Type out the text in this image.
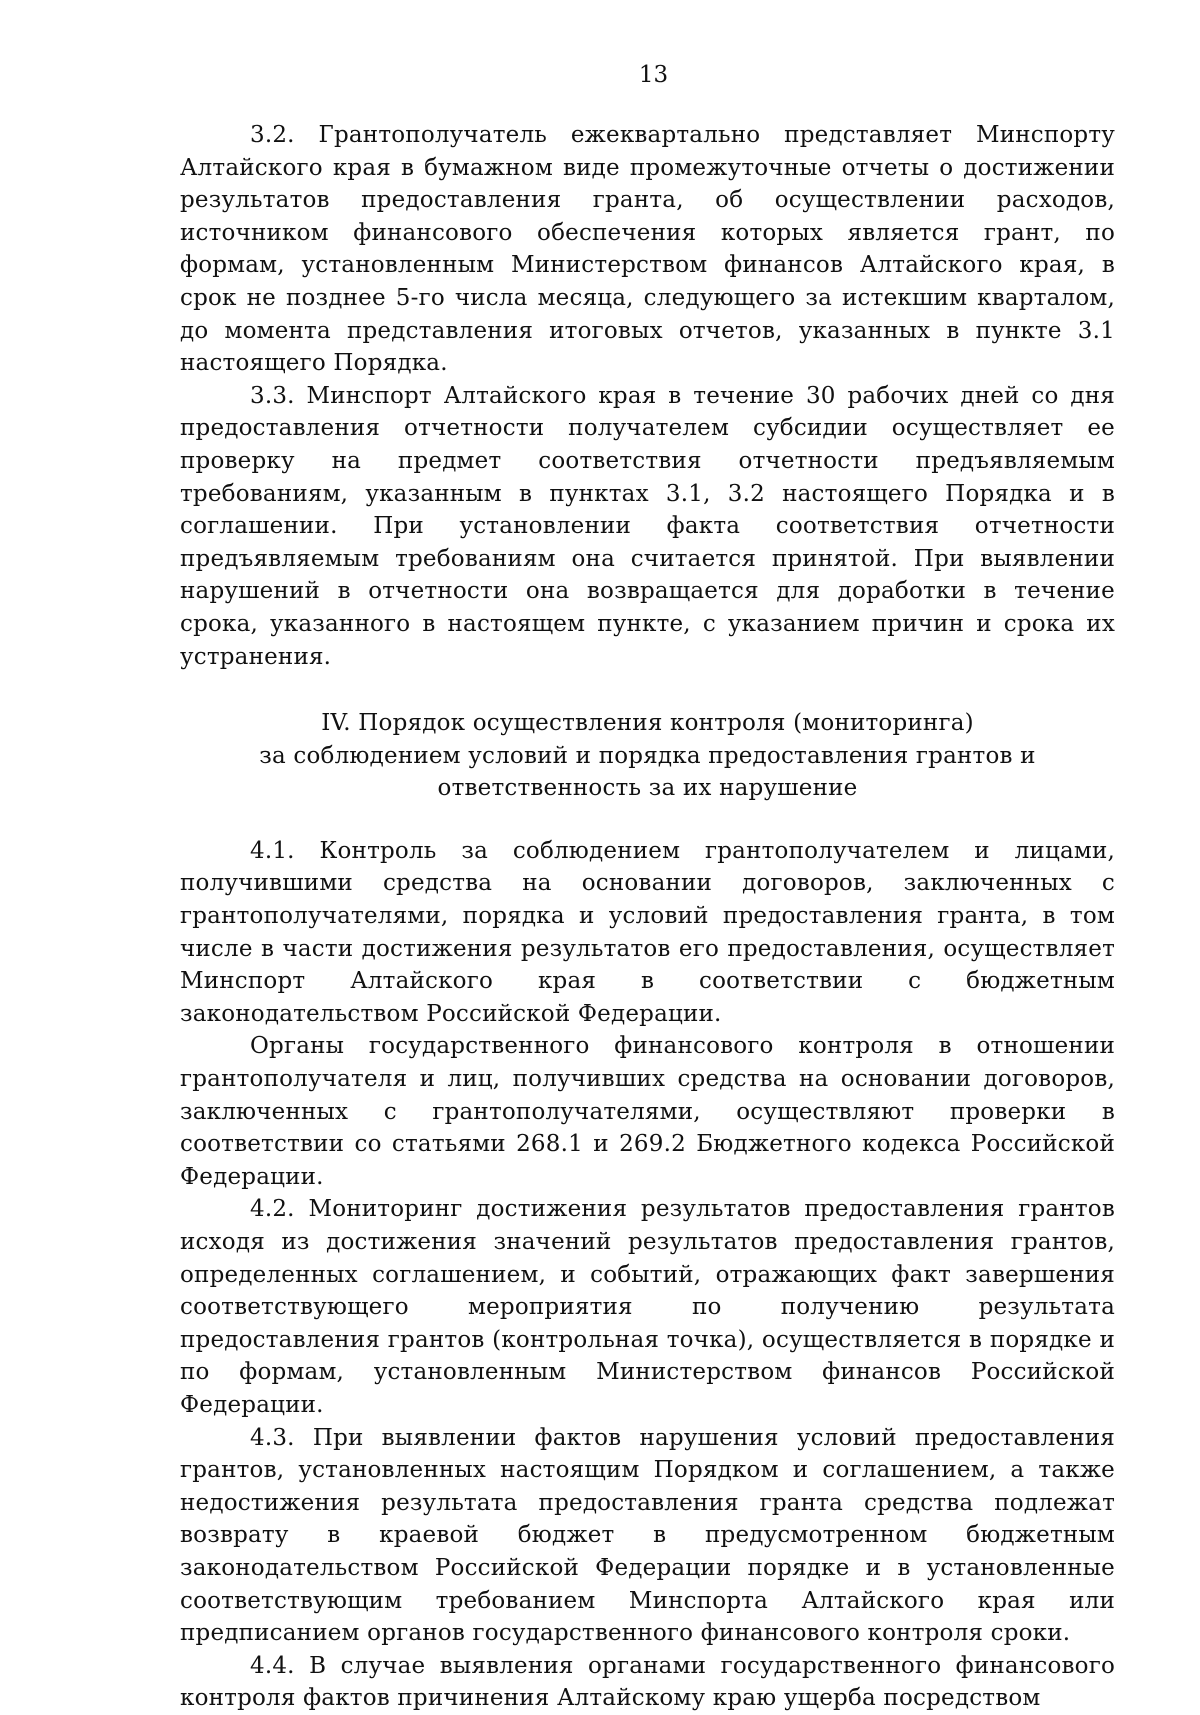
13

3.2. Грантополучатель ежеквартально представляет Минспорту Алтайского края в бумажном виде промежуточные отчеты о достижении результатов предоставления гранта, об осуществлении расходов, источником финансового обеспечения которых является грант, по формам, установленным Министерством финансов Алтайского края, в срок не позднее 5-го числа месяца, следующего за истекшим кварталом, до момента представления итоговых отчетов, указанных в пункте 3.1 настоящего Порядка.

3.3. Минспорт Алтайского края в течение 30 рабочих дней со дня предоставления отчетности получателем субсидии осуществляет ее проверку на предмет соответствия отчетности предъявляемым требованиям, указанным в пунктах 3.1, 3.2 настоящего Порядка и в соглашении. При установлении факта соответствия отчетности предъявляемым требованиям она считается принятой. При выявлении нарушений в отчетности она возвращается для доработки в течение срока, указанного в настоящем пункте, с указанием причин и срока их устранения.

IV. Порядок осуществления контроля (мониторинга)
за соблюдением условий и порядка предоставления грантов и
ответственность за их нарушение

4.1. Контроль за соблюдением грантополучателем и лицами, получившими средства на основании договоров, заключенных с грантополучателями, порядка и условий предоставления гранта, в том числе в части достижения результатов его предоставления, осуществляет Минспорт Алтайского края в соответствии с бюджетным законодательством Российской Федерации.

Органы государственного финансового контроля в отношении грантополучателя и лиц, получивших средства на основании договоров, заключенных с грантополучателями, осуществляют проверки в соответствии со статьями 268.1 и 269.2 Бюджетного кодекса Российской Федерации.

4.2. Мониторинг достижения результатов предоставления грантов исходя из достижения значений результатов предоставления грантов, определенных соглашением, и событий, отражающих факт завершения соответствующего мероприятия по получению результата предоставления грантов (контрольная точка), осуществляется в порядке и по формам, установленным Министерством финансов Российской Федерации.

4.3. При выявлении фактов нарушения условий предоставления грантов, установленных настоящим Порядком и соглашением, а также недостижения результата предоставления гранта средства подлежат возврату в краевой бюджет в предусмотренном бюджетным законодательством Российской Федерации порядке и в установленные соответствующим требованием Минспорта Алтайского края или предписанием органов государственного финансового контроля сроки.

4.4. В случае выявления органами государственного финансового контроля фактов причинения Алтайскому краю ущерба посредством
